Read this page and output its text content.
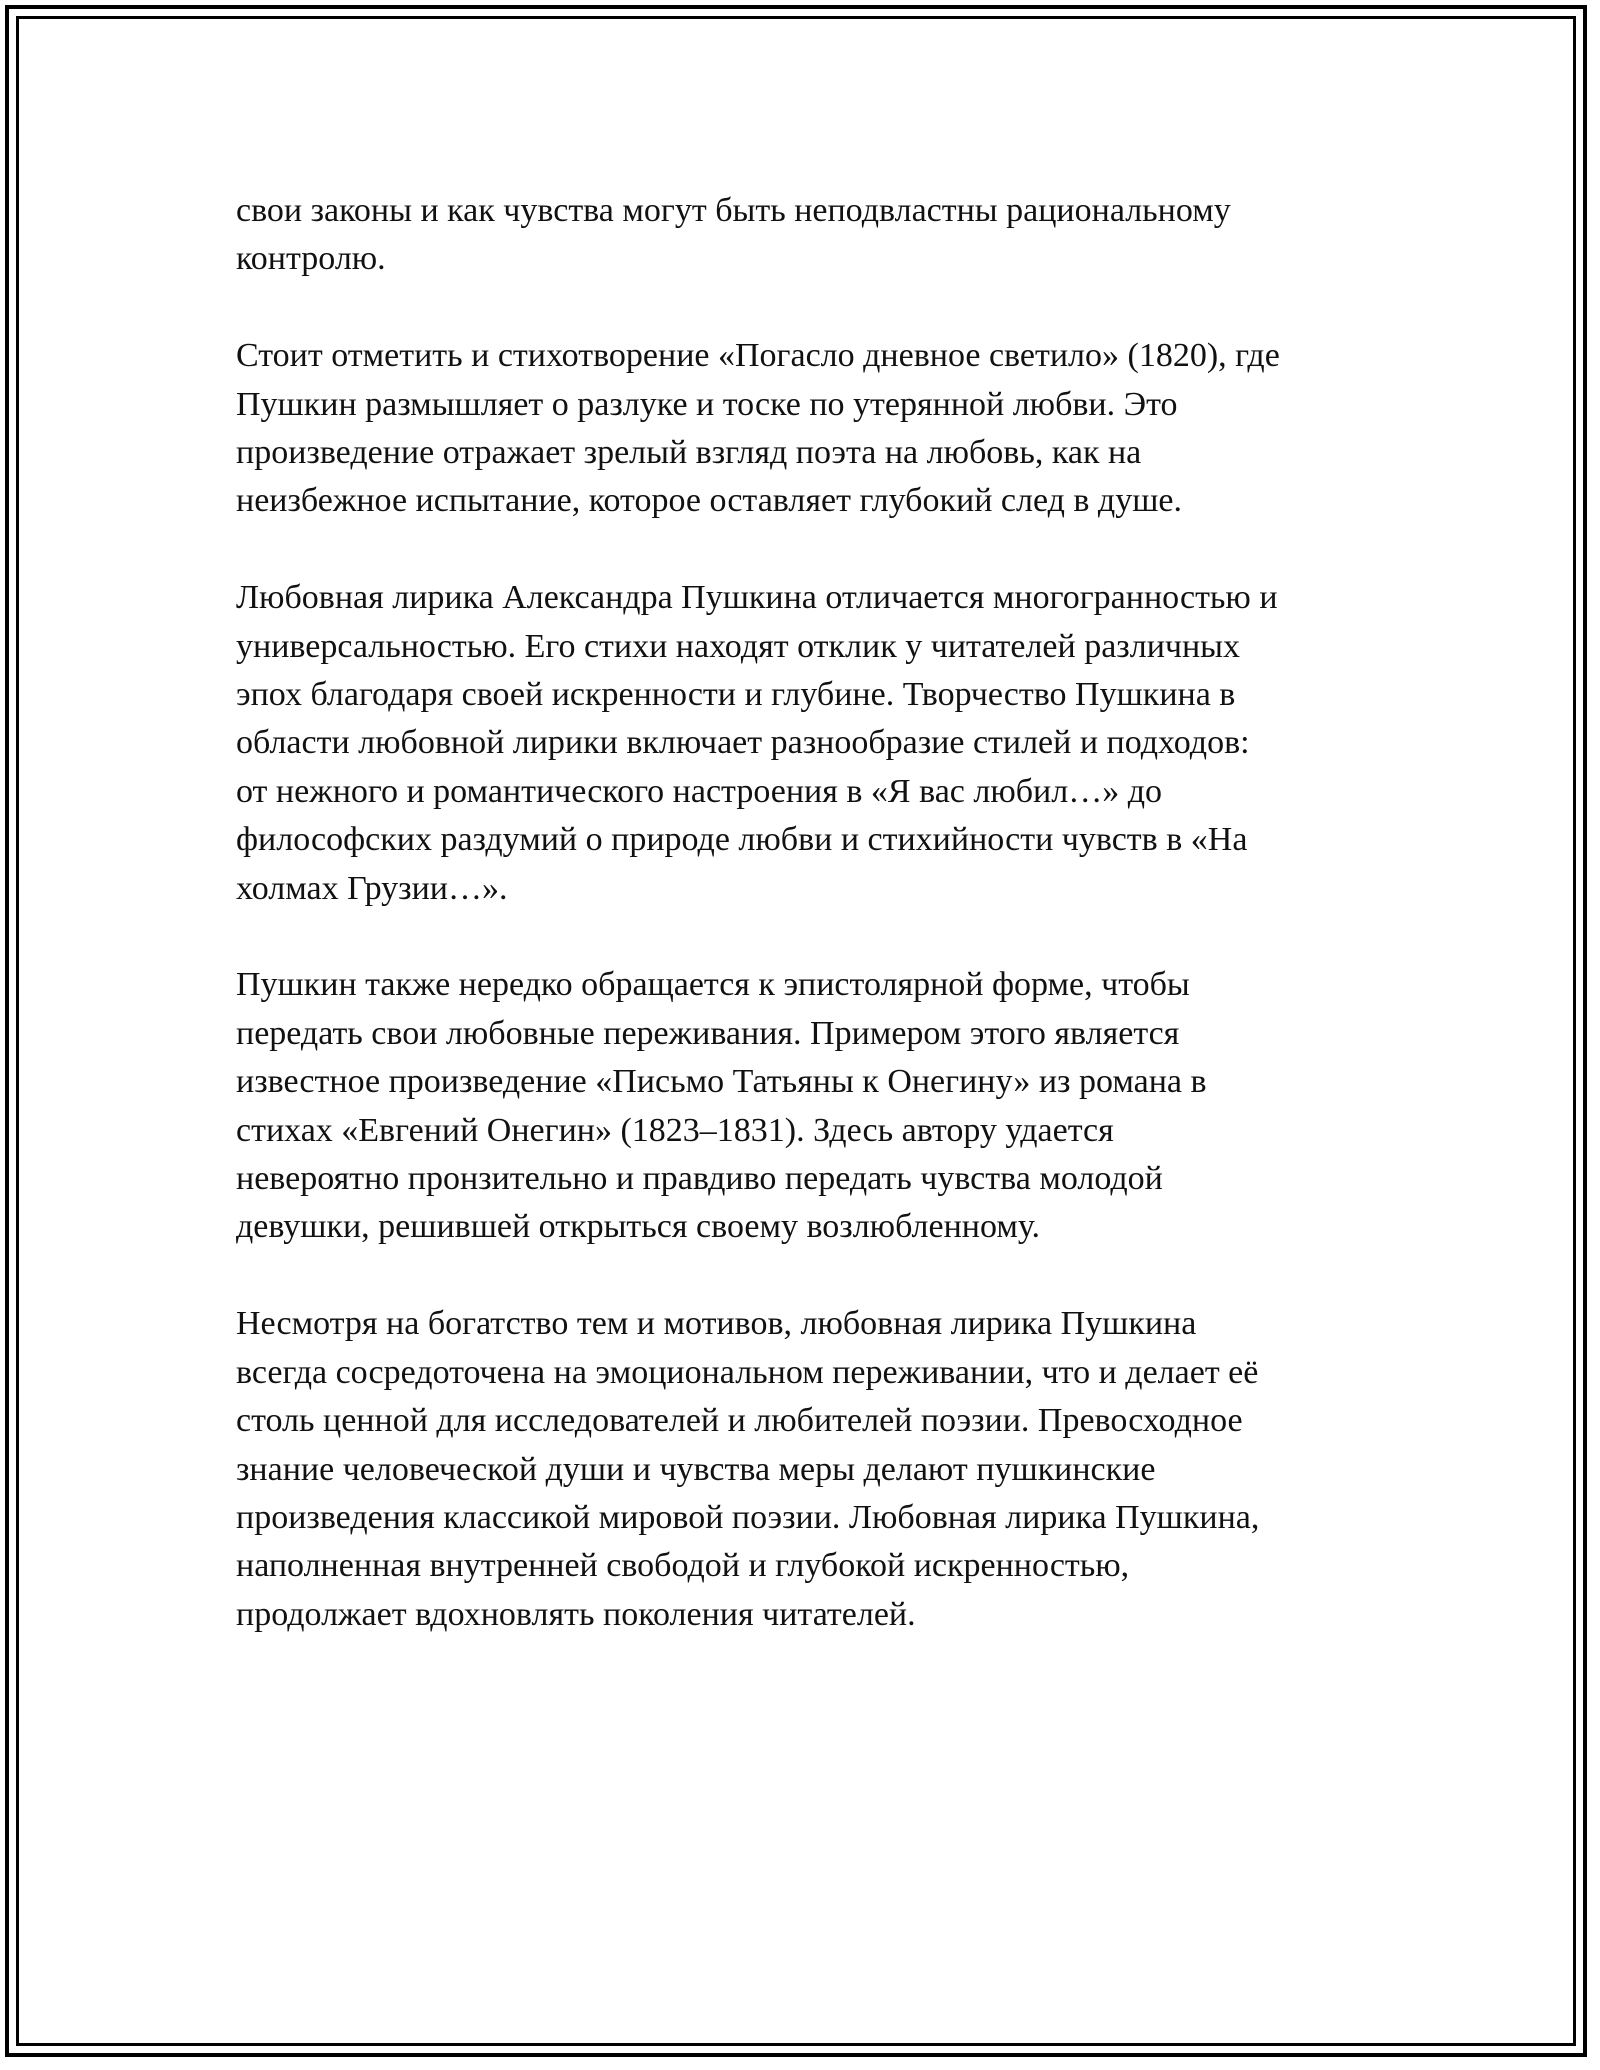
свои законы и как чувства могут быть неподвластны рациональному
контролю.
Стоит отметить и стихотворение «Погасло дневное светило» (1820), где
Пушкин размышляет о разлуке и тоске по утерянной любви. Это
произведение отражает зрелый взгляд поэта на любовь, как на
неизбежное испытание, которое оставляет глубокий след в душе.
Любовная лирика Александра Пушкина отличается многогранностью и
универсальностью. Его стихи находят отклик у читателей различных
эпох благодаря своей искренности и глубине. Творчество Пушкина в
области любовной лирики включает разнообразие стилей и подходов:
от нежного и романтического настроения в «Я вас любил…» до
философских раздумий о природе любви и стихийности чувств в «На
холмах Грузии…».
Пушкин также нередко обращается к эпистолярной форме, чтобы
передать свои любовные переживания. Примером этого является
известное произведение «Письмо Татьяны к Онегину» из романа в
стихах «Евгений Онегин» (1823–1831). Здесь автору удается
невероятно пронзительно и правдиво передать чувства молодой
девушки, решившей открыться своему возлюбленному.
Несмотря на богатство тем и мотивов, любовная лирика Пушкина
всегда сосредоточена на эмоциональном переживании, что и делает её
столь ценной для исследователей и любителей поэзии. Превосходное
знание человеческой души и чувства меры делают пушкинские
произведения классикой мировой поэзии. Любовная лирика Пушкина,
наполненная внутренней свободой и глубокой искренностью,
продолжает вдохновлять поколения читателей.
